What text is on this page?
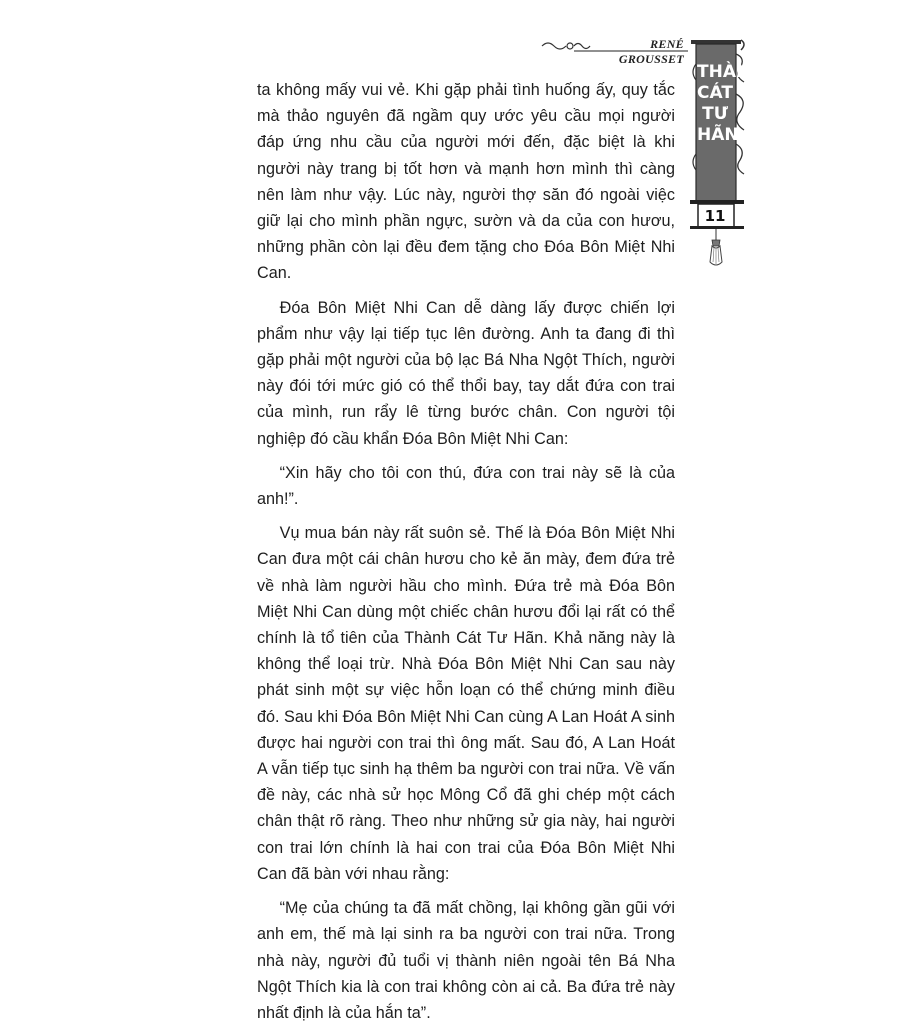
RENÉ GROUSSET
THÀNH
CÁT
TƯ
HÃN
11

ta không mấy vui vẻ. Khi gặp phải tình huống ấy, quy tắc mà thảo nguyên đã ngầm quy ước yêu cầu mọi người đáp ứng nhu cầu của người mới đến, đặc biệt là khi người này trang bị tốt hơn và mạnh hơn mình thì càng nên làm như vậy. Lúc này, người thợ săn đó ngoài việc giữ lại cho mình phần ngực, sườn và da của con hươu, những phần còn lại đều đem tặng cho Đóa Bôn Miệt Nhi Can.

Đóa Bôn Miệt Nhi Can dễ dàng lấy được chiến lợi phẩm như vậy lại tiếp tục lên đường. Anh ta đang đi thì gặp phải một người của bộ lạc Bá Nha Ngột Thích, người này đói tới mức gió có thể thổi bay, tay dắt đứa con trai của mình, run rẩy lê từng bước chân. Con người tội nghiệp đó cầu khẩn Đóa Bôn Miệt Nhi Can:

“Xin hãy cho tôi con thú, đứa con trai này sẽ là của anh!”.

Vụ mua bán này rất suôn sẻ. Thế là Đóa Bôn Miệt Nhi Can đưa một cái chân hươu cho kẻ ăn mày, đem đứa trẻ về nhà làm người hầu cho mình. Đứa trẻ mà Đóa Bôn Miệt Nhi Can dùng một chiếc chân hươu đổi lại rất có thể chính là tổ tiên của Thành Cát Tư Hãn. Khả năng này là không thể loại trừ. Nhà Đóa Bôn Miệt Nhi Can sau này phát sinh một sự việc hỗn loạn có thể chứng minh điều đó. Sau khi Đóa Bôn Miệt Nhi Can cùng A Lan Hoát A sinh được hai người con trai thì ông mất. Sau đó, A Lan Hoát A vẫn tiếp tục sinh hạ thêm ba người con trai nữa. Về vấn đề này, các nhà sử học Mông Cổ đã ghi chép một cách chân thật rõ ràng. Theo như những sử gia này, hai người con trai lớn chính là hai con trai của Đóa Bôn Miệt Nhi Can đã bàn với nhau rằng:

“Mẹ của chúng ta đã mất chồng, lại không gần gũi với anh em, thế mà lại sinh ra ba người con trai nữa. Trong nhà này, người đủ tuổi vị thành niên ngoài tên Bá Nha Ngột Thích kia là con trai không còn ai cả. Ba đứa trẻ này nhất định là của hắn ta”.
